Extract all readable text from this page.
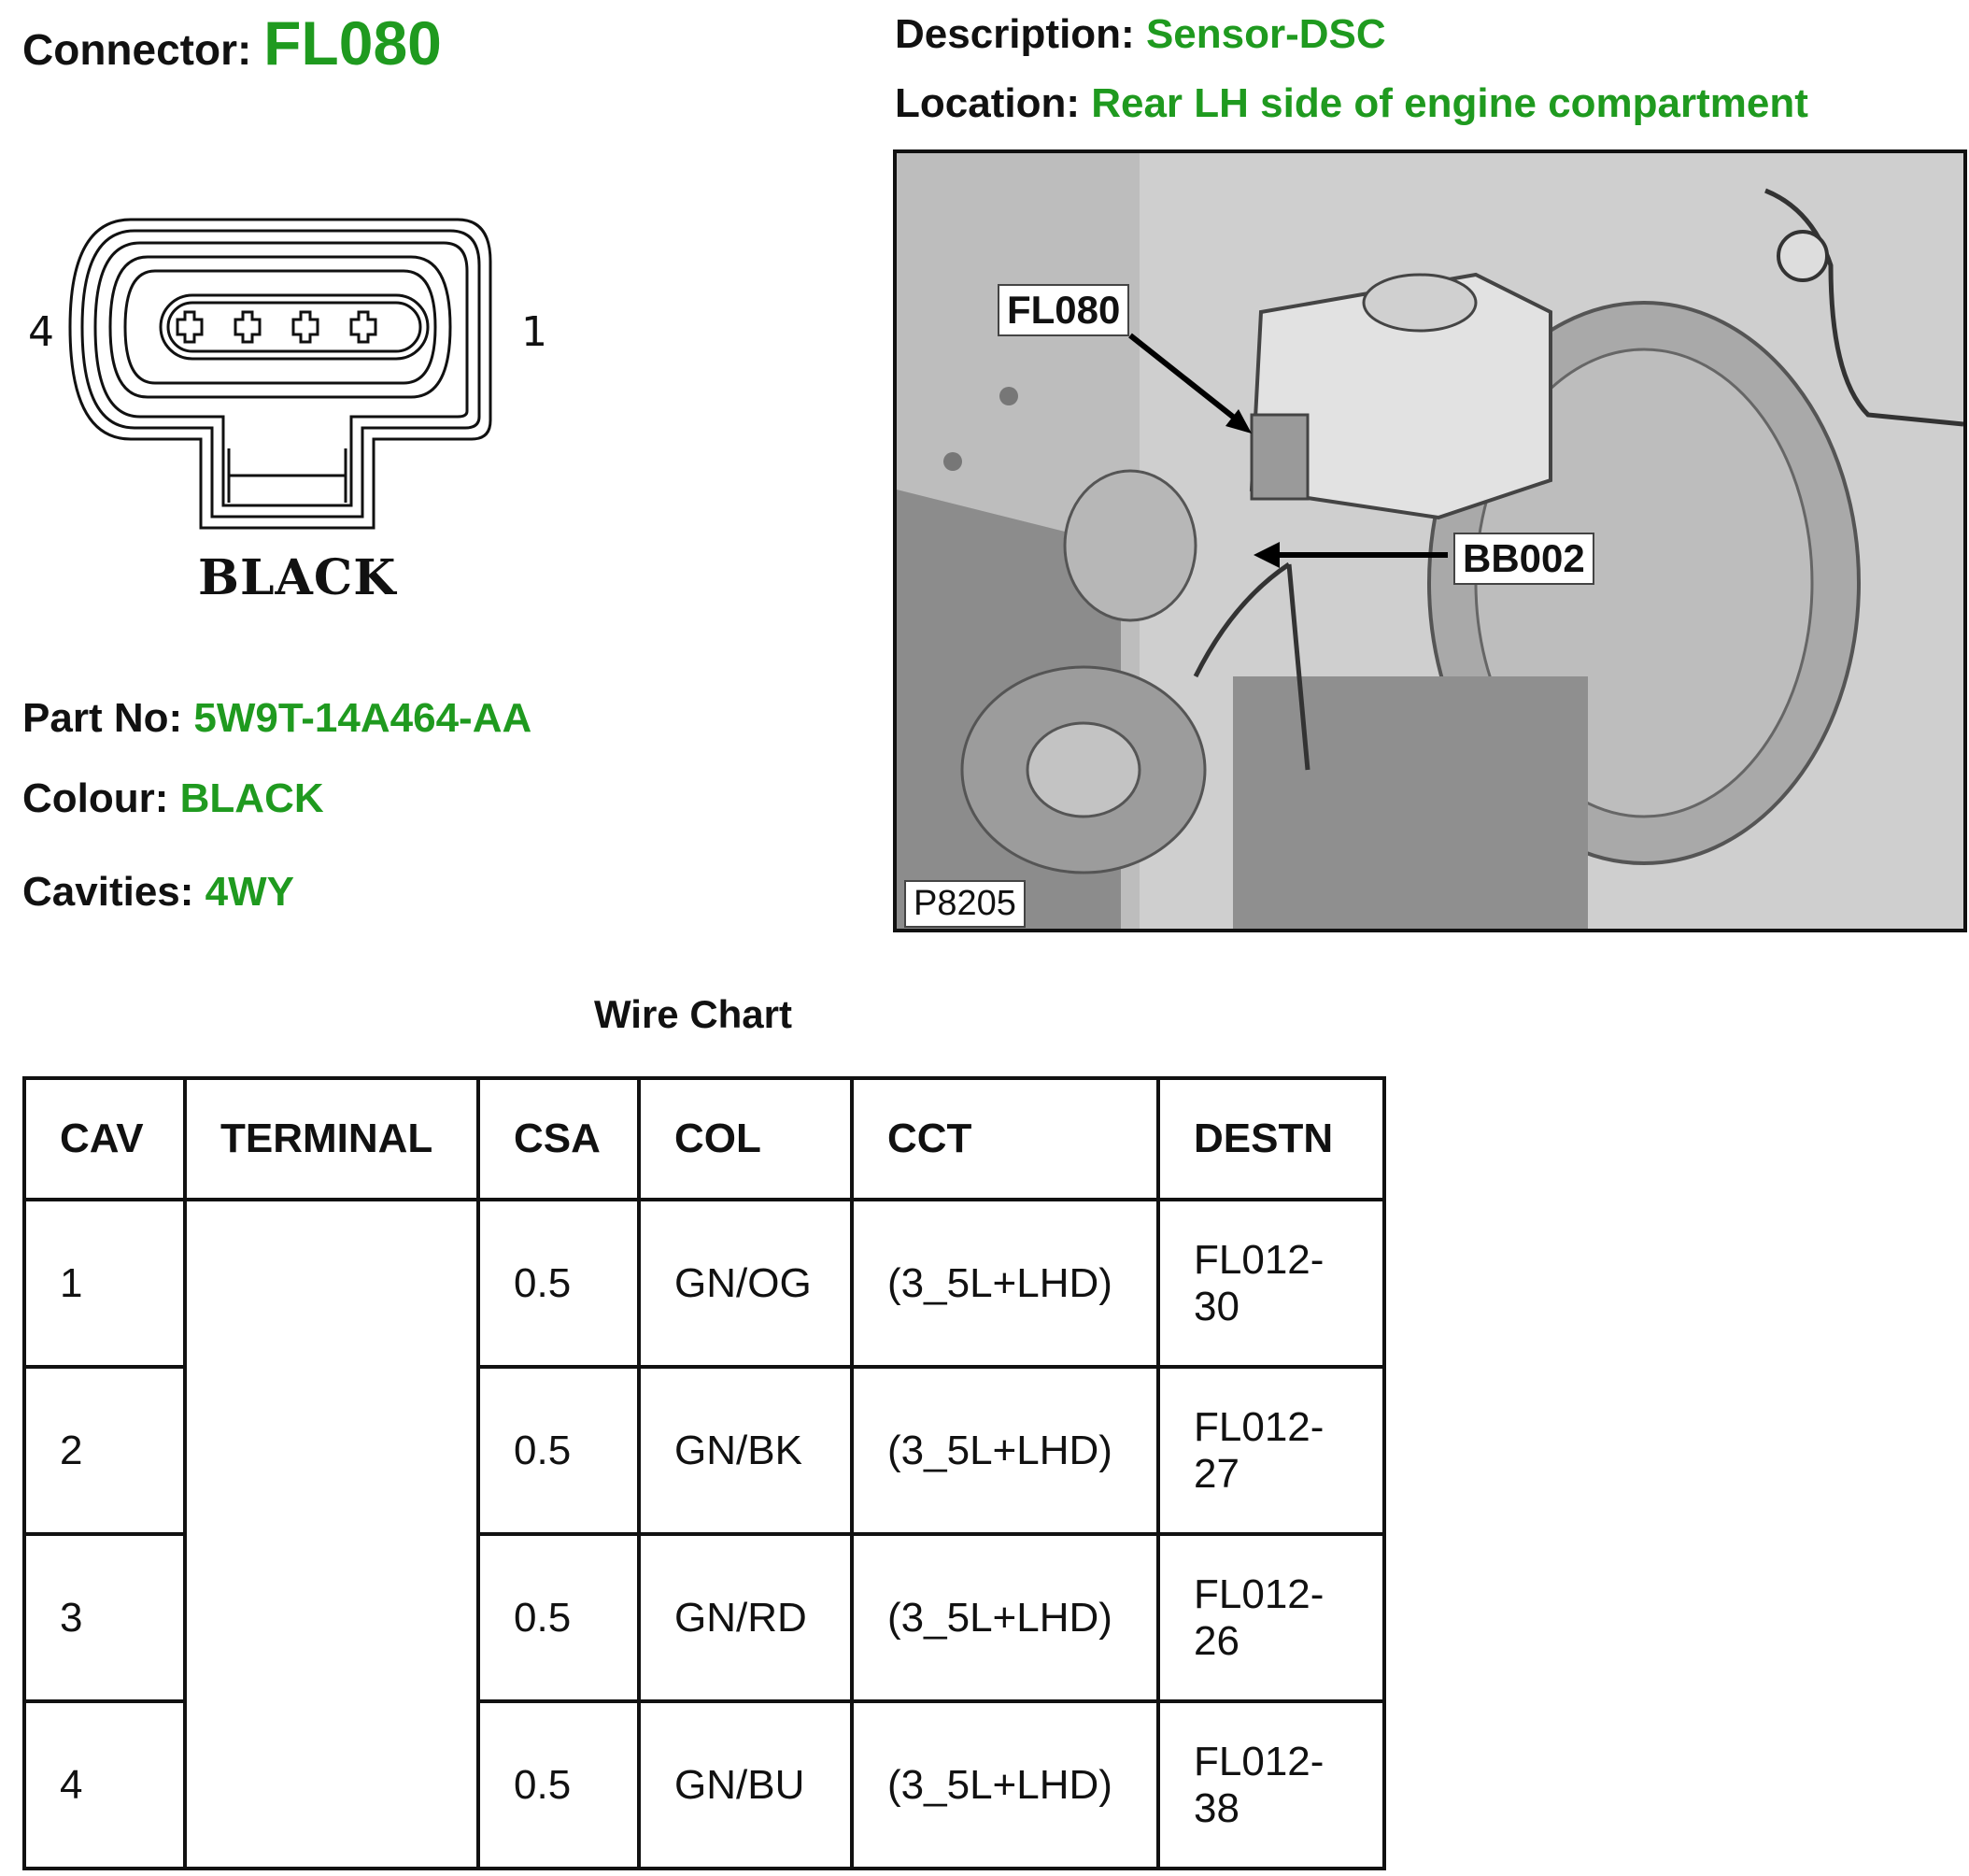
Connector: FL080	Description: Sensor-DSC
Location: Rear LH side of engine compartment
4	1
BLACK
FL080
BB002
P8205
Part No: 5W9T-14A464-AA
Colour: BLACK
Cavities: 4WY
Wire Chart
CAV	TERMINAL	CSA	COL	CCT	DESTN
1		0.5	GN/OG	(3_5L+LHD)	FL012-
30
2		0.5	GN/BK	(3_5L+LHD)	FL012-
27
3		0.5	GN/RD	(3_5L+LHD)	FL012-
26
4		0.5	GN/BU	(3_5L+LHD)	FL012-
38
